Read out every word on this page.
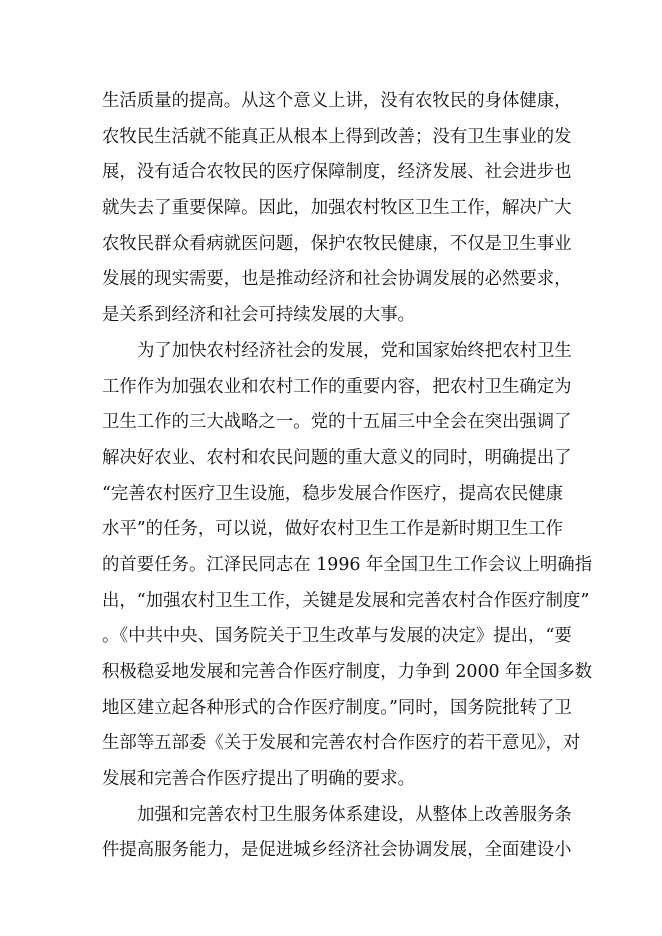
生活质量的提高。从这个意义上讲，没有农牧民的身体健康，
农牧民生活就不能真正从根本上得到改善；没有卫生事业的发
展，没有适合农牧民的医疗保障制度，经济发展、社会进步也
就失去了重要保障。因此，加强农村牧区卫生工作，解决广大
农牧民群众看病就医问题，保护农牧民健康，不仅是卫生事业
发展的现实需要，也是推动经济和社会协调发展的必然要求，
是关系到经济和社会可持续发展的大事。
为了加快农村经济社会的发展，党和国家始终把农村卫生
工作作为加强农业和农村工作的重要内容，把农村卫生确定为
卫生工作的三大战略之一。党的十五届三中全会在突出强调了
解决好农业、农村和农民问题的重大意义的同时，明确提出了
“完善农村医疗卫生设施，稳步发展合作医疗，提高农民健康
水平”的任务，可以说，做好农村卫生工作是新时期卫生工作
的首要任务。江泽民同志在 1996 年全国卫生工作会议上明确指
出，“加强农村卫生工作，关键是发展和完善农村合作医疗制度”
。《中共中央、国务院关于卫生改革与发展的决定》提出，“要
积极稳妥地发展和完善合作医疗制度，力争到 2000 年全国多数
地区建立起各种形式的合作医疗制度。”同时，国务院批转了卫
生部等五部委《关于发展和完善农村合作医疗的若干意见》，对
发展和完善合作医疗提出了明确的要求。
加强和完善农村卫生服务体系建设，从整体上改善服务条
件提高服务能力，是促进城乡经济社会协调发展，全面建设小
